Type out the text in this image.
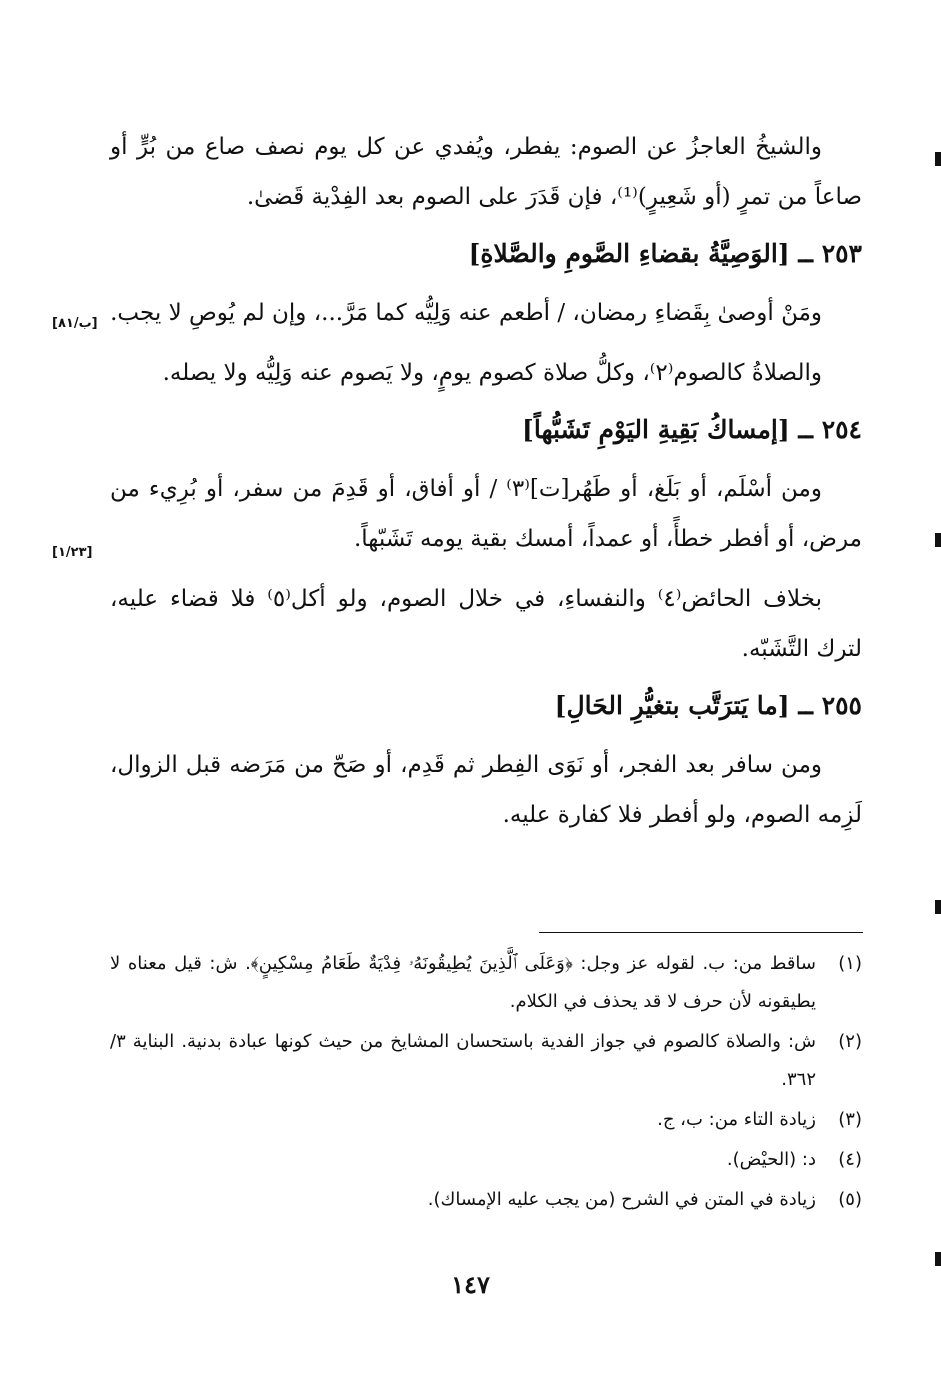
والشيخُ العاجزُ عن الصوم: يفطر، ويُفدي عن كل يوم نصف صاع من بُرٍّ أو صاعاً من تمرٍ (أو شَعِيرٍ)⁽¹⁾، فإن قَدَرَ على الصوم بعد الفِدْية قَضىٰ.

٢٥٣ ــ [الوَصِيَّةُ بقضاءِ الصَّومِ والصَّلاةِ]

ومَنْ أوصىٰ بِقَضاءِ رمضان، / أطعم عنه وَلِيُّه كما مَرَّ...، وإن لم يُوصِ لا يجب.

والصلاةُ كالصوم⁽٢⁾، وكلُّ صلاة كصوم يومٍ، ولا يَصوم عنه وَلِيُّه ولا يصله.

٢٥٤ ــ [إمساكُ بَقِيةِ اليَوْمِ تَشَبُّهاً]

ومن أسْلَم، أو بَلَغ، أو طَهُر[ت]⁽٣⁾ / أو أفاق، أو قَدِمَ من سفر، أو بُرِيء من مرض، أو أفطر خطأً، أو عمداً، أمسك بقية يومه تَشَبّهاً.

بخلاف الحائض⁽٤⁾ والنفساءِ، في خلال الصوم، ولو أكل⁽٥⁾ فلا قضاء عليه، لترك التَّشَبّه.

٢٥٥ ــ [ما يَترَتَّب بتغيُّرِ الحَالِ]

ومن سافر بعد الفجر، أو نَوَى الفِطر ثم قَدِم، أو صَحّ من مَرَضه قبل الزوال، لَزِمه الصوم، ولو أفطر فلا كفارة عليه.

[ب/٨١]
[١/٢٣]
(١)
ساقط من: ب. لقوله عز وجل: ﴿وَعَلَى ٱلَّذِينَ يُطِيقُونَهُۥ فِدْيَةٌ طَعَامُ مِسْكِينٍ﴾. ش: قيل معناه لا يطيقونه لأن حرف لا قد يحذف في الكلام.
(٢)
ش: والصلاة كالصوم في جواز الفدية باستحسان المشايخ من حيث كونها عبادة بدنية. البناية ٣/ ٣٦٢.
(٣)
زيادة التاء من: ب، ج.
(٤)
د: (الحيْض).
(٥)
زيادة في المتن في الشرح (من يجب عليه الإمساك).
١٤٧
